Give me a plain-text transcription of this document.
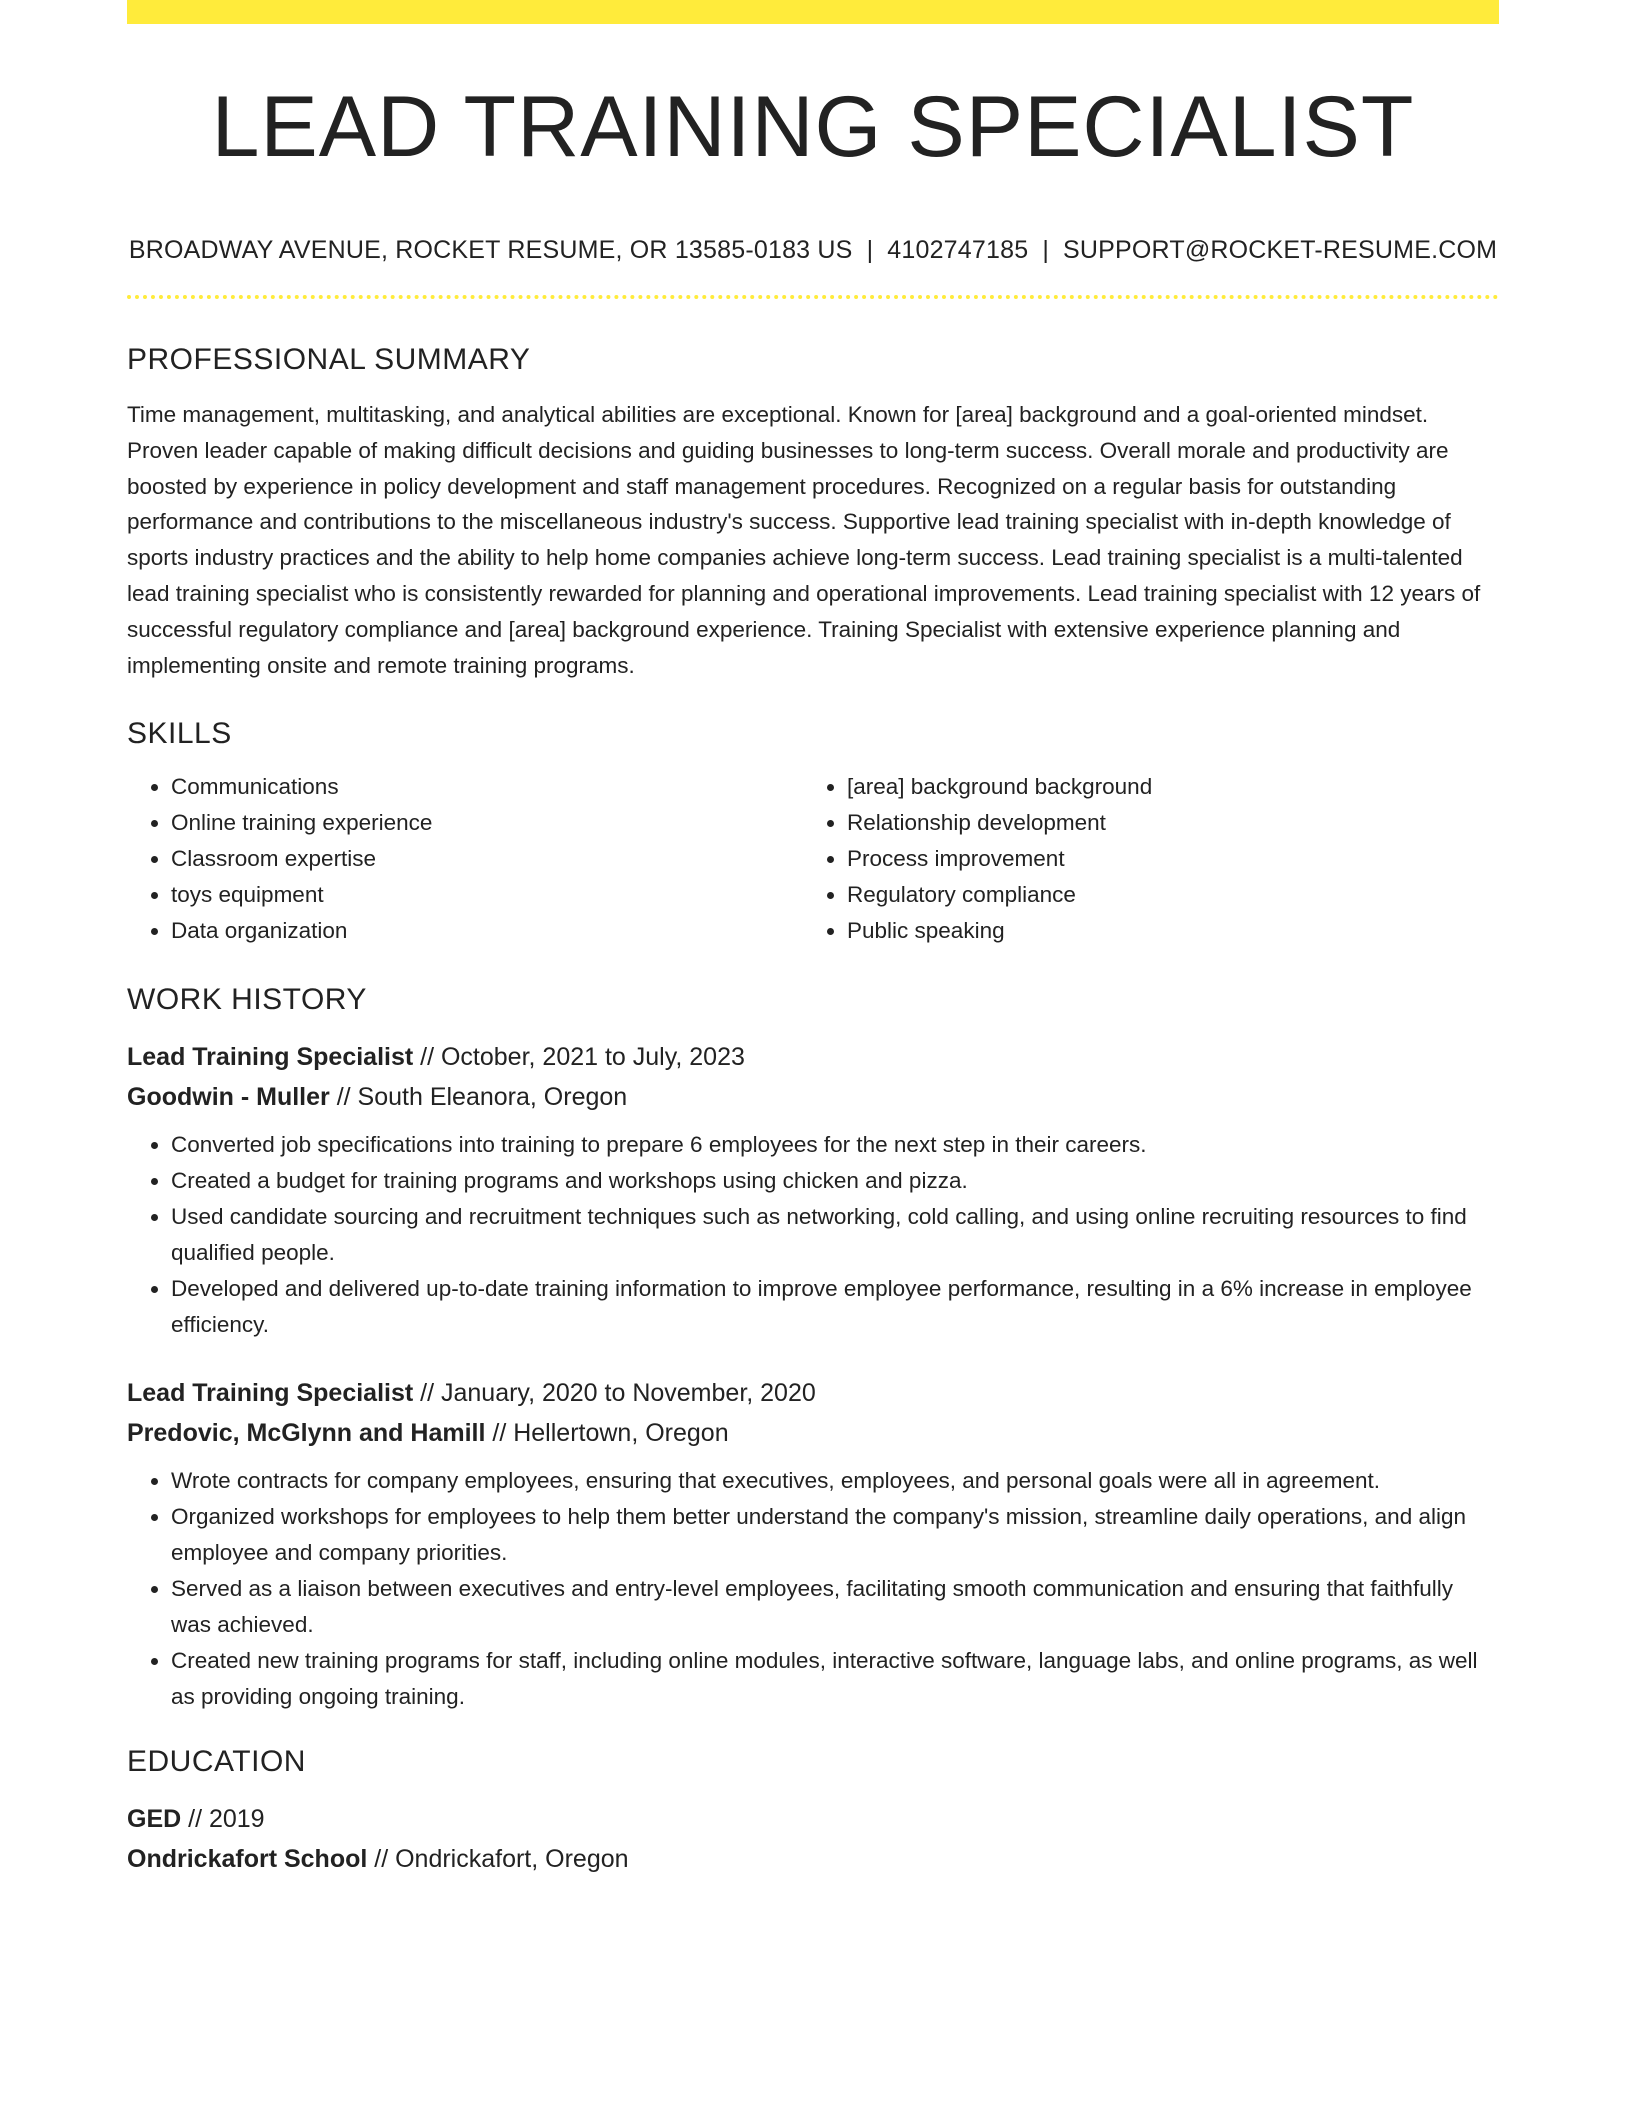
LEAD TRAINING SPECIALIST
BROADWAY AVENUE, ROCKET RESUME, OR 13585-0183 US | 4102747185 | SUPPORT@ROCKET-RESUME.COM
PROFESSIONAL SUMMARY
Time management, multitasking, and analytical abilities are exceptional. Known for [area] background and a goal-oriented mindset. Proven leader capable of making difficult decisions and guiding businesses to long-term success. Overall morale and productivity are boosted by experience in policy development and staff management procedures. Recognized on a regular basis for outstanding performance and contributions to the miscellaneous industry's success. Supportive lead training specialist with in-depth knowledge of sports industry practices and the ability to help home companies achieve long-term success. Lead training specialist is a multi-talented lead training specialist who is consistently rewarded for planning and operational improvements. Lead training specialist with 12 years of successful regulatory compliance and [area] background experience. Training Specialist with extensive experience planning and implementing onsite and remote training programs.
SKILLS
• Communications
• Online training experience
• Classroom expertise
• toys equipment
• Data organization
• [area] background background
• Relationship development
• Process improvement
• Regulatory compliance
• Public speaking
WORK HISTORY
Lead Training Specialist // October, 2021 to July, 2023
Goodwin - Muller // South Eleanora, Oregon
• Converted job specifications into training to prepare 6 employees for the next step in their careers.
• Created a budget for training programs and workshops using chicken and pizza.
• Used candidate sourcing and recruitment techniques such as networking, cold calling, and using online recruiting resources to find qualified people.
• Developed and delivered up-to-date training information to improve employee performance, resulting in a 6% increase in employee efficiency.
Lead Training Specialist // January, 2020 to November, 2020
Predovic, McGlynn and Hamill // Hellertown, Oregon
• Wrote contracts for company employees, ensuring that executives, employees, and personal goals were all in agreement.
• Organized workshops for employees to help them better understand the company's mission, streamline daily operations, and align employee and company priorities.
• Served as a liaison between executives and entry-level employees, facilitating smooth communication and ensuring that faithfully was achieved.
• Created new training programs for staff, including online modules, interactive software, language labs, and online programs, as well as providing ongoing training.
EDUCATION
GED // 2019
Ondrickafort School // Ondrickafort, Oregon
